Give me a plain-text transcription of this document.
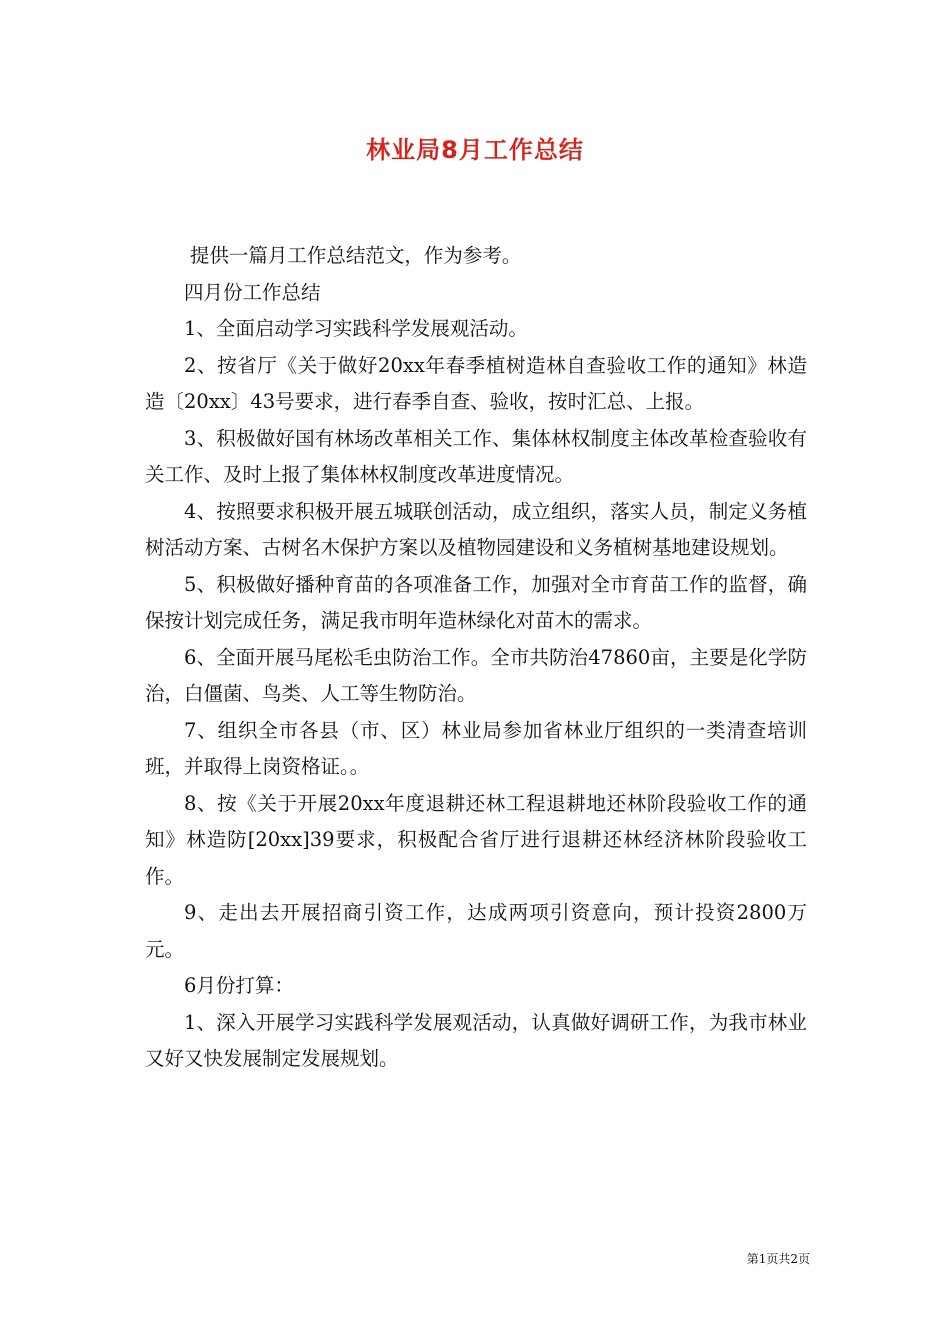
林业局8月工作总结

提供一篇月工作总结范文，作为参考。

四月份工作总结

1、全面启动学习实践科学发展观活动。

2、按省厅《关于做好20xx年春季植树造林自查验收工作的通知》林造造〔20xx〕43号要求，进行春季自查、验收，按时汇总、上报。

3、积极做好国有林场改革相关工作、集体林权制度主体改革检查验收有关工作、及时上报了集体林权制度改革进度情况。

4、按照要求积极开展五城联创活动，成立组织，落实人员，制定义务植树活动方案、古树名木保护方案以及植物园建设和义务植树基地建设规划。

5、积极做好播种育苗的各项准备工作，加强对全市育苗工作的监督，确保按计划完成任务，满足我市明年造林绿化对苗木的需求。

6、全面开展马尾松毛虫防治工作。全市共防治47860亩，主要是化学防治，白僵菌、鸟类、人工等生物防治。

7、组织全市各县（市、区）林业局参加省林业厅组织的一类清查培训班，并取得上岗资格证。。

8、按《关于开展20xx年度退耕还林工程退耕地还林阶段验收工作的通知》林造防[20xx]39要求，积极配合省厅进行退耕还林经济林阶段验收工作。

9、走出去开展招商引资工作，达成两项引资意向，预计投资2800万元。

6月份打算：

1、深入开展学习实践科学发展观活动，认真做好调研工作，为我市林业又好又快发展制定发展规划。

第1页共2页
